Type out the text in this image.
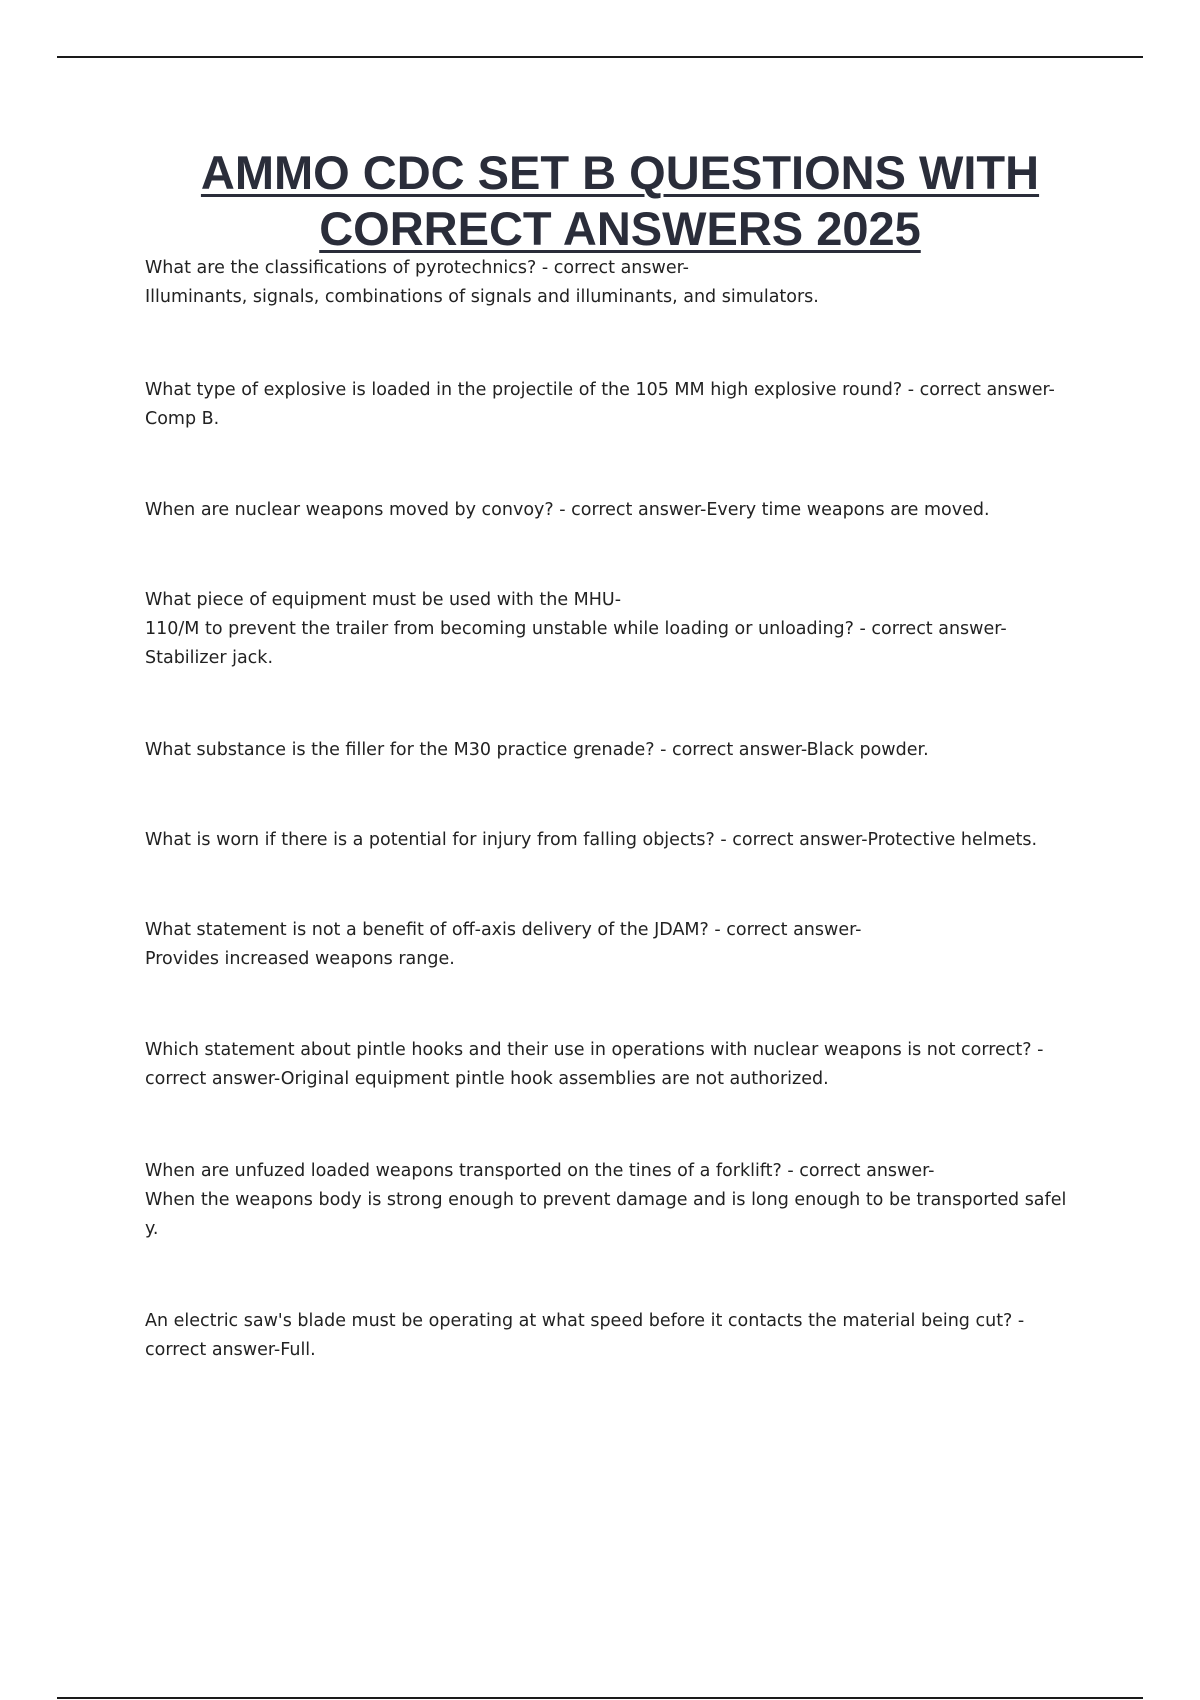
AMMO CDC SET B QUESTIONS WITH
CORRECT ANSWERS 2025

What are the classifications of pyrotechnics? - correct answer-
Illuminants, signals, combinations of signals and illuminants, and simulators.

What type of explosive is loaded in the projectile of the 105 MM high explosive round? - correct answer-
Comp B.

When are nuclear weapons moved by convoy? - correct answer-Every time weapons are moved.

What piece of equipment must be used with the MHU-
110/M to prevent the trailer from becoming unstable while loading or unloading? - correct answer-
Stabilizer jack.

What substance is the filler for the M30 practice grenade? - correct answer-Black powder.

What is worn if there is a potential for injury from falling objects? - correct answer-Protective helmets.

What statement is not a benefit of off-axis delivery of the JDAM? - correct answer-
Provides increased weapons range.

Which statement about pintle hooks and their use in operations with nuclear weapons is not correct? -
correct answer-Original equipment pintle hook assemblies are not authorized.

When are unfuzed loaded weapons transported on the tines of a forklift? - correct answer-
When the weapons body is strong enough to prevent damage and is long enough to be transported safel
y.

An electric saw's blade must be operating at what speed before it contacts the material being cut? -
correct answer-Full.
